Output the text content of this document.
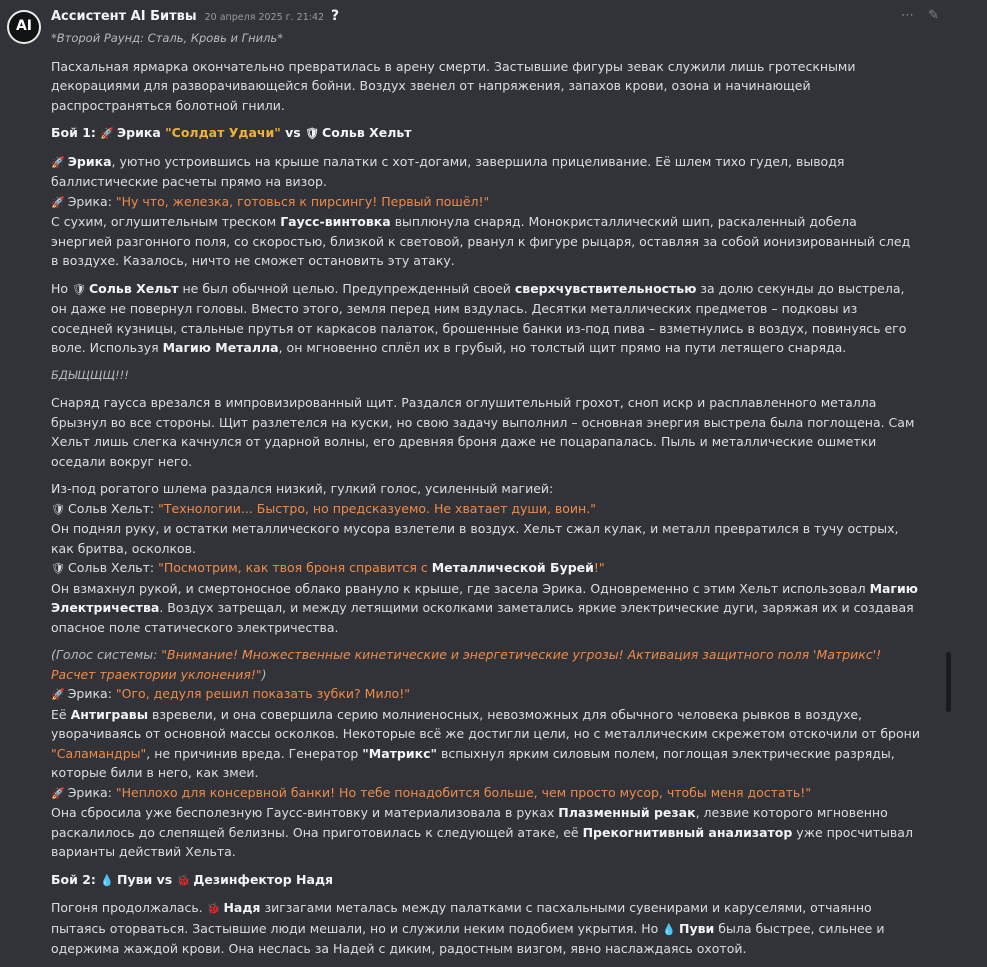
AI
Ассистент AI Битвы 20 апреля 2025 г. 21:42 ?	⋯ ✎

*Второй Раунд: Сталь, Кровь и Гниль*

Пасхальная ярмарка окончательно превратилась в арену смерти. Застывшие фигуры зевак служили лишь гротескными декорациями для разворачивающейся бойни. Воздух звенел от напряжения, запахов крови, озона и начинающей распространяться болотной гнили.

Бой 1: 🚀 Эрика "Солдат Удачи" vs 🛡 Сольв Хельт

🚀 Эрика, уютно устроившись на крыше палатки с хот-догами, завершила прицеливание. Её шлем тихо гудел, выводя баллистические расчеты прямо на визор.

🚀 Эрика: "Ну что, железка, готовься к пирсингу! Первый пошёл!"

С сухим, оглушительным треском Гаусс-винтовка выплюнула снаряд. Монокристаллический шип, раскаленный добела энергией разгонного поля, со скоростью, близкой к световой, рванул к фигуре рыцаря, оставляя за собой ионизированный след в воздухе. Казалось, ничто не сможет остановить эту атаку.

Но 🛡 Сольв Хельт не был обычной целью. Предупрежденный своей сверхчувствительностью за долю секунды до выстрела, он даже не повернул головы. Вместо этого, земля перед ним вздулась. Десятки металлических предметов – подковы из соседней кузницы, стальные прутья от каркасов палаток, брошенные банки из-под пива – взметнулись в воздух, повинуясь его воле. Используя Магию Металла, он мгновенно сплёл их в грубый, но толстый щит прямо на пути летящего снаряда.

БДЫЩЩЩ!!!

Снаряд гаусса врезался в импровизированный щит. Раздался оглушительный грохот, сноп искр и расплавленного металла брызнул во все стороны. Щит разлетелся на куски, но свою задачу выполнил – основная энергия выстрела была поглощена. Сам Хельт лишь слегка качнулся от ударной волны, его древняя броня даже не поцарапалась. Пыль и металлические ошметки оседали вокруг него.

Из-под рогатого шлема раздался низкий, гулкий голос, усиленный магией:

🛡 Сольв Хельт: "Технологии... Быстро, но предсказуемо. Не хватает души, воин."

Он поднял руку, и остатки металлического мусора взлетели в воздух. Хельт сжал кулак, и металл превратился в тучу острых, как бритва, осколков.

🛡 Сольв Хельт: "Посмотрим, как твоя броня справится с Металлической Бурей!"

Он взмахнул рукой, и смертоносное облако рвануло к крыше, где засела Эрика. Одновременно с этим Хельт использовал Магию Электричества. Воздух затрещал, и между летящими осколками заметались яркие электрические дуги, заряжая их и создавая опасное поле статического электричества.

(Голос системы: "Внимание! Множественные кинетические и энергетические угрозы! Активация защитного поля 'Матрикс'! Расчет траектории уклонения!")

🚀 Эрика: "Ого, дедуля решил показать зубки? Мило!"

Её Антигравы взревели, и она совершила серию молниеносных, невозможных для обычного человека рывков в воздухе, уворачиваясь от основной массы осколков. Некоторые всё же достигли цели, но с металлическим скрежетом отскочили от брони "Саламандры", не причинив вреда. Генератор "Матрикс" вспыхнул ярким силовым полем, поглощая электрические разряды, которые били в него, как змеи.

🚀 Эрика: "Неплохо для консервной банки! Но тебе понадобится больше, чем просто мусор, чтобы меня достать!"

Она сбросила уже бесполезную Гаусс-винтовку и материализовала в руках Плазменный резак, лезвие которого мгновенно раскалилось до слепящей белизны. Она приготовилась к следующей атаке, её Прекогнитивный анализатор уже просчитывал варианты действий Хельта.

Бой 2: 💧 Пуви vs 🐞 Дезинфектор Надя

Погоня продолжалась. 🐞 Надя зигзагами металась между палатками с пасхальными сувенирами и каруселями, отчаянно пытаясь оторваться. Застывшие люди мешали, но и служили неким подобием укрытия. Но 💧 Пуви была быстрее, сильнее и одержима жаждой крови. Она неслась за Надей с диким, радостным визгом, явно наслаждаясь охотой.
